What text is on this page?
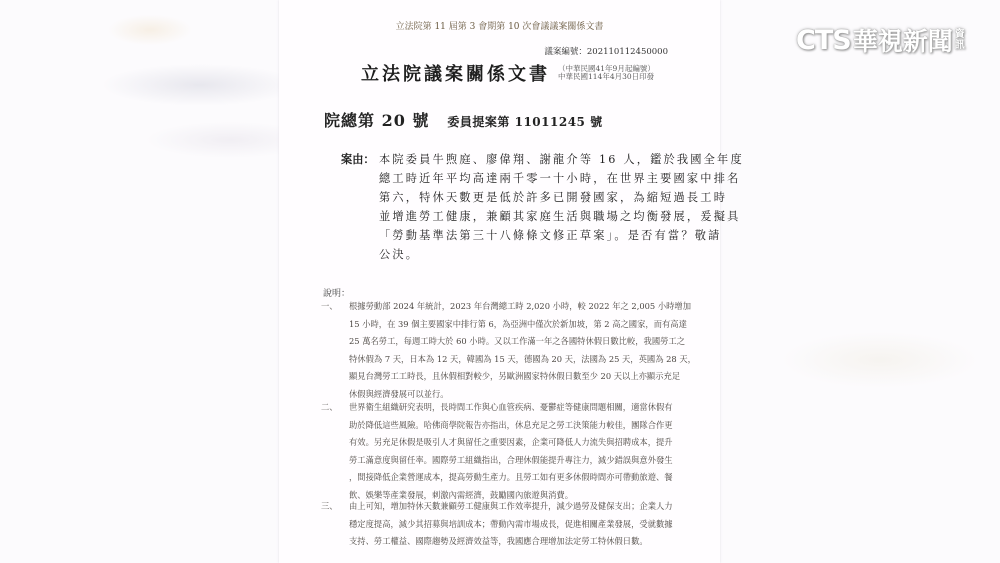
立法院第 11 屆第 3 會期第 10 次會議議案關係文書
議案編號：202110112450000
立法院議案關係文書 （中華民國41年9月起編號）
中華民國114年4月30日印發
院總第 20 號 委員提案第 11011245 號
案由： 本院委員牛煦庭、廖偉翔、謝龍介等 16 人，鑑於我國全年度
總工時近年平均高達兩千零一十小時，在世界主要國家中排名
第六，特休天數更是低於許多已開發國家，為縮短過長工時
並增進勞工健康，兼顧其家庭生活與職場之均衡發展，爰擬具
「勞動基準法第三十八條條文修正草案」。是否有當？敬請
公決。
說明：
一、 根據勞動部 2024 年統計，2023 年台灣總工時 2,020 小時，較 2022 年之 2,005 小時增加
15 小時，在 39 個主要國家中排行第 6，為亞洲中僅次於新加坡，第 2 高之國家，而有高達
25 萬名勞工，每週工時大於 60 小時。又以工作滿一年之各國特休假日數比較，我國勞工之
特休假為 7 天，日本為 12 天，韓國為 15 天，德國為 20 天，法國為 25 天，英國為 28 天，
顯見台灣勞工工時長，且休假相對較少，另歐洲國家特休假日數至少 20 天以上亦顯示充足
休假與經濟發展可以並行。
二、 世界衛生組織研究表明，長時間工作與心血管疾病、憂鬱症等健康問題相關，適當休假有
助於降低這些風險。哈佛商學院報告亦指出，休息充足之勞工決策能力較佳，團隊合作更
有效。另充足休假是吸引人才與留任之重要因素，企業可降低人力流失與招聘成本，提升
勞工滿意度與留任率。國際勞工組織指出，合理休假能提升專注力，減少錯誤與意外發生
，間接降低企業營運成本，提高勞動生產力。且勞工如有更多休假時間亦可帶動旅遊、餐
飲、娛樂等產業發展，刺激內需經濟，鼓勵國內旅遊與消費。
三、 由上可知，增加特休天數兼顧勞工健康與工作效率提升，減少過勞及健保支出；企業人力
穩定度提高，減少其招募與培訓成本；帶動內需市場成長，促進相關產業發展，受就數據
支持、勞工權益、國際趨勢及經濟效益等，我國應合理增加法定勞工特休假日數。
CTS 華視新聞 資
訊
